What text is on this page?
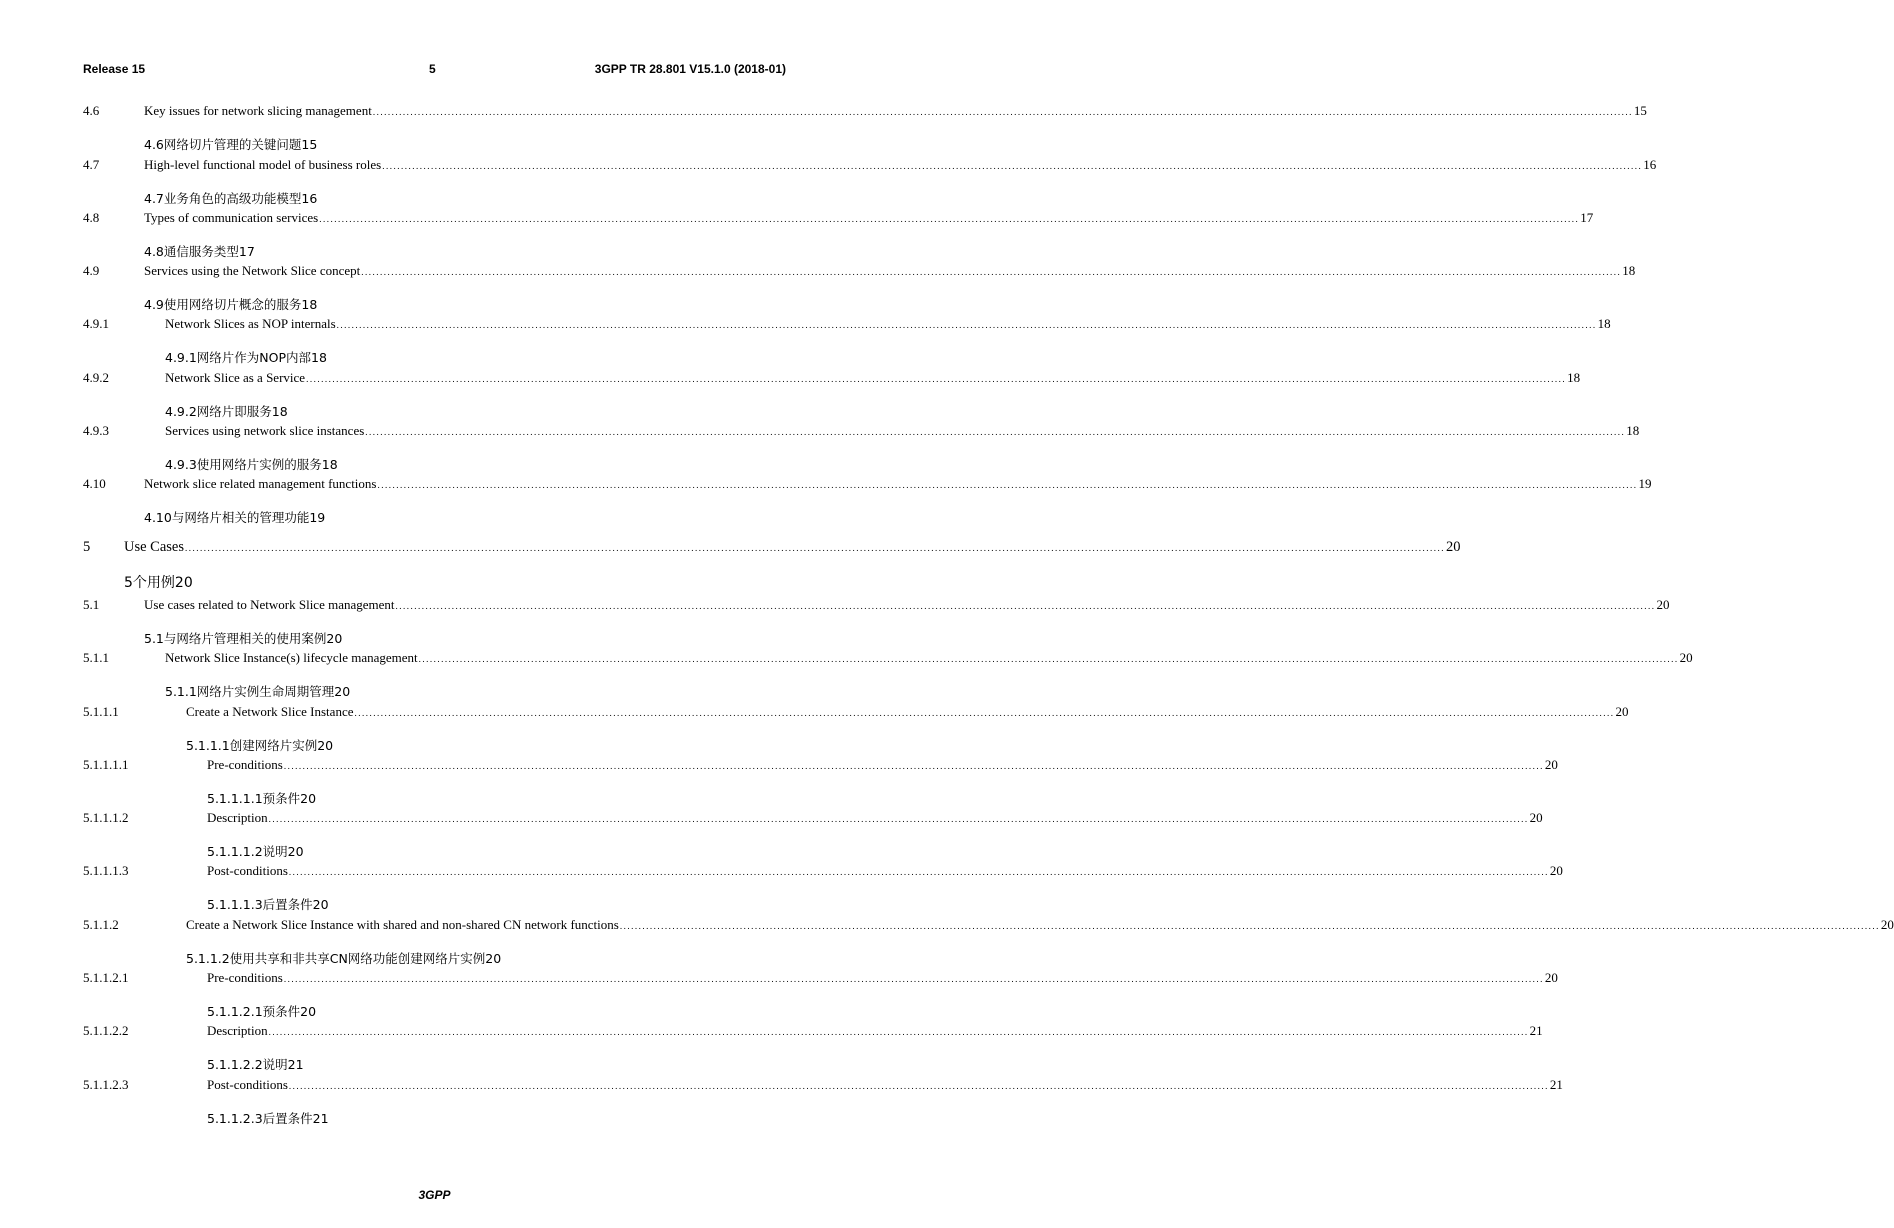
Release 15	5	3GPP TR 28.801 V15.1.0 (2018-01)
4.6	Key issues for network slicing management ................................................................................................................................................................................................................................................................................................................................................ 15
4.6网络切片管理的关键问题15
4.7	High-level functional model of business roles ................................................................................................................................................................................................................................................................................................................................................ 16
4.7业务角色的高级功能模型16
4.8	Types of communication services ................................................................................................................................................................................................................................................................................................................................................ 17
4.8通信服务类型17
4.9	Services using the Network Slice concept ................................................................................................................................................................................................................................................................................................................................................ 18
4.9使用网络切片概念的服务18
4.9.1	Network Slices as NOP internals ................................................................................................................................................................................................................................................................................................................................................ 18
4.9.1网络片作为NOP内部18
4.9.2	Network Slice as a Service ................................................................................................................................................................................................................................................................................................................................................ 18
4.9.2网络片即服务18
4.9.3	Services using network slice instances ................................................................................................................................................................................................................................................................................................................................................ 18
4.9.3使用网络片实例的服务18
4.10	Network slice related management functions ................................................................................................................................................................................................................................................................................................................................................ 19
4.10与网络片相关的管理功能19
5 Use Cases ................................................................................................................................................................................................................................................................................................................................................ 20
5个用例20
5.1	Use cases related to Network Slice management ................................................................................................................................................................................................................................................................................................................................................ 20
5.1与网络片管理相关的使用案例20
5.1.1	Network Slice Instance(s) lifecycle management ................................................................................................................................................................................................................................................................................................................................................ 20
5.1.1网络片实例生命周期管理20
5.1.1.1	Create a Network Slice Instance ................................................................................................................................................................................................................................................................................................................................................ 20
5.1.1.1创建网络片实例20
5.1.1.1.1	Pre-conditions ................................................................................................................................................................................................................................................................................................................................................ 20
5.1.1.1.1预条件20
5.1.1.1.2	Description ................................................................................................................................................................................................................................................................................................................................................ 20
5.1.1.1.2说明20
5.1.1.1.3	Post-conditions ................................................................................................................................................................................................................................................................................................................................................ 20
5.1.1.1.3后置条件20
5.1.1.2	Create a Network Slice Instance with shared and non-shared CN network functions ................................................................................................................................................................................................................................................................................................................................................ 20
5.1.1.2使用共享和非共享CN网络功能创建网络片实例20
5.1.1.2.1	Pre-conditions ................................................................................................................................................................................................................................................................................................................................................ 20
5.1.1.2.1预条件20
5.1.1.2.2	Description ................................................................................................................................................................................................................................................................................................................................................ 21
5.1.1.2.2说明21
5.1.1.2.3	Post-conditions ................................................................................................................................................................................................................................................................................................................................................ 21
5.1.1.2.3后置条件21
3GPP
